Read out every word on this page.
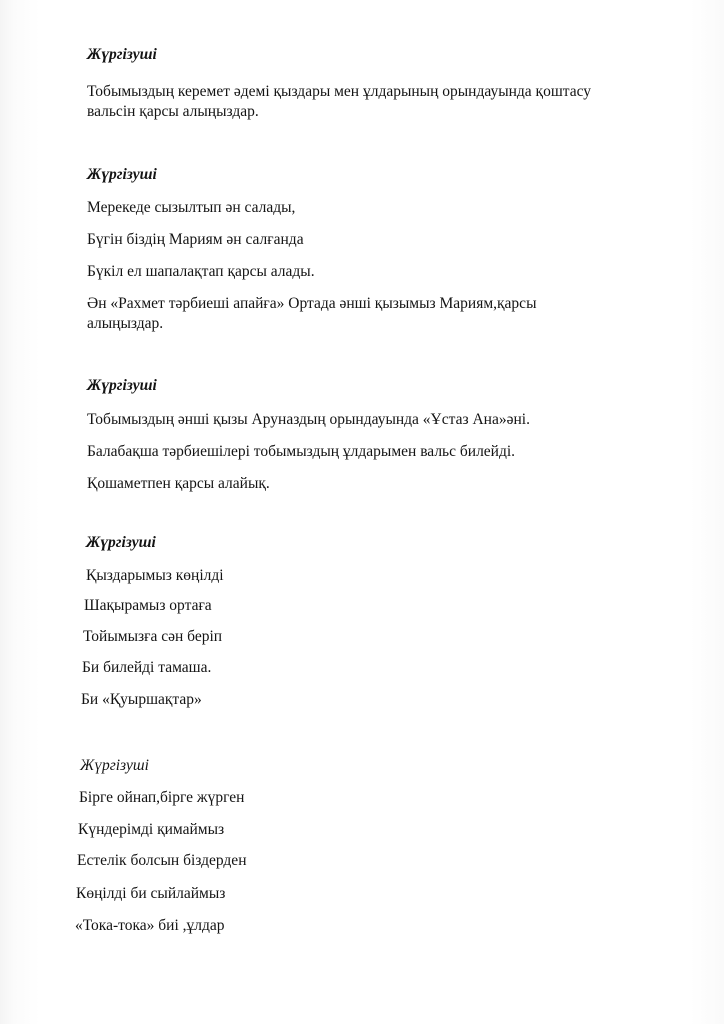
Жүргізуші
Тобымыздың керемет әдемі қыздары мен ұлдарының орындауында қоштасу
вальсін қарсы алыңыздар.
Жүргізуші
Мерекеде сызылтып ән салады,
Бүгін біздің Мариям ән салғанда
Бүкіл ел шапалақтап қарсы алады.
Ән «Рахмет тәрбиеші апайға» Ортада әнші қызымыз Мариям,қарсы
алыңыздар.
Жүргізуші
Тобымыздың әнші қызы Аруназдың орындауында «Ұстаз Ана»әні.
Балабақша тәрбиешілері тобымыздың ұлдарымен вальс билейді.
Қошаметпен қарсы алайық.
Жүргізуші
Қыздарымыз көңілді
Шақырамыз ортаға
Тойымызға сән беріп
Би билейді тамаша.
Би «Қуыршақтар»
Жүргізуші
Бірге ойнап,бірге жүрген
Күндерімді қимаймыз
Естелік болсын біздерден
Көңілді би сыйлаймыз
«Тока-тока» биі ,ұлдар
